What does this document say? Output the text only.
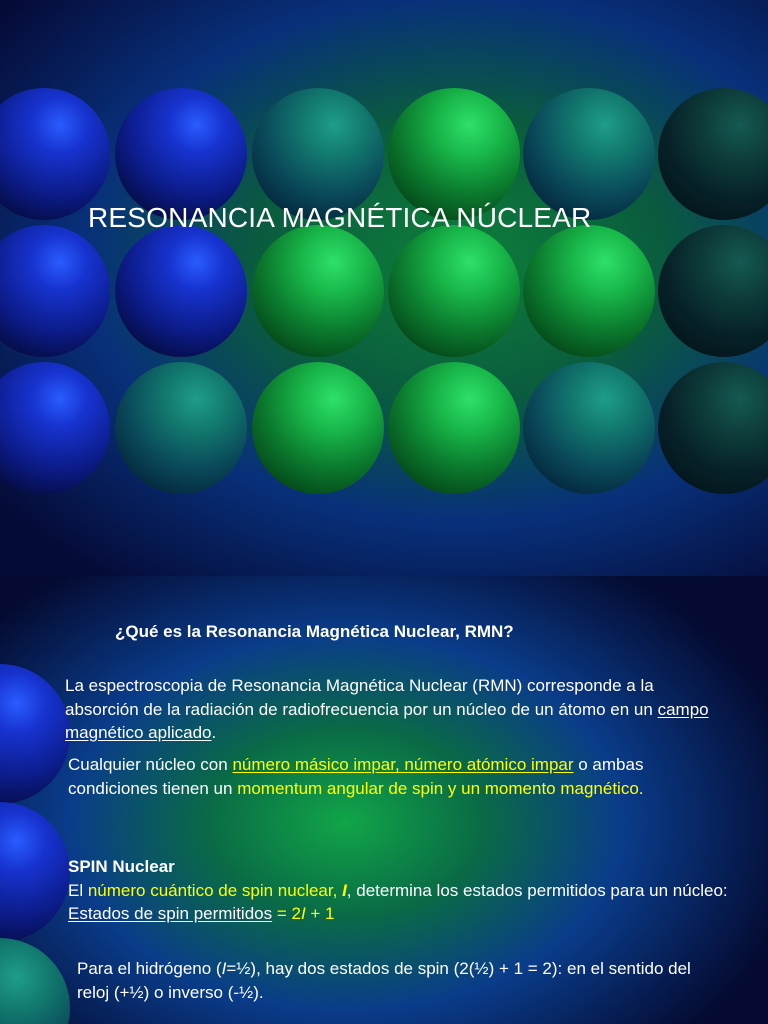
RESONANCIA MAGNÉTICA NÚCLEAR
¿Qué es la Resonancia Magnética Nuclear, RMN?

La espectroscopia de Resonancia Magnética Nuclear (RMN) corresponde a la absorción de la radiación de radiofrecuencia por un núcleo de un átomo en un campo magnético aplicado.

Cualquier núcleo con número másico impar, número atómico impar o ambas condiciones tienen un momentum angular de spin y un momento magnético.

SPIN Nuclear
El número cuántico de spin nuclear, I, determina los estados permitidos para un núcleo: Estados de spin permitidos = 2I + 1

Para el hidrógeno (I=½), hay dos estados de spin (2(½) + 1 = 2): en el sentido del reloj (+½) o inverso (-½).
